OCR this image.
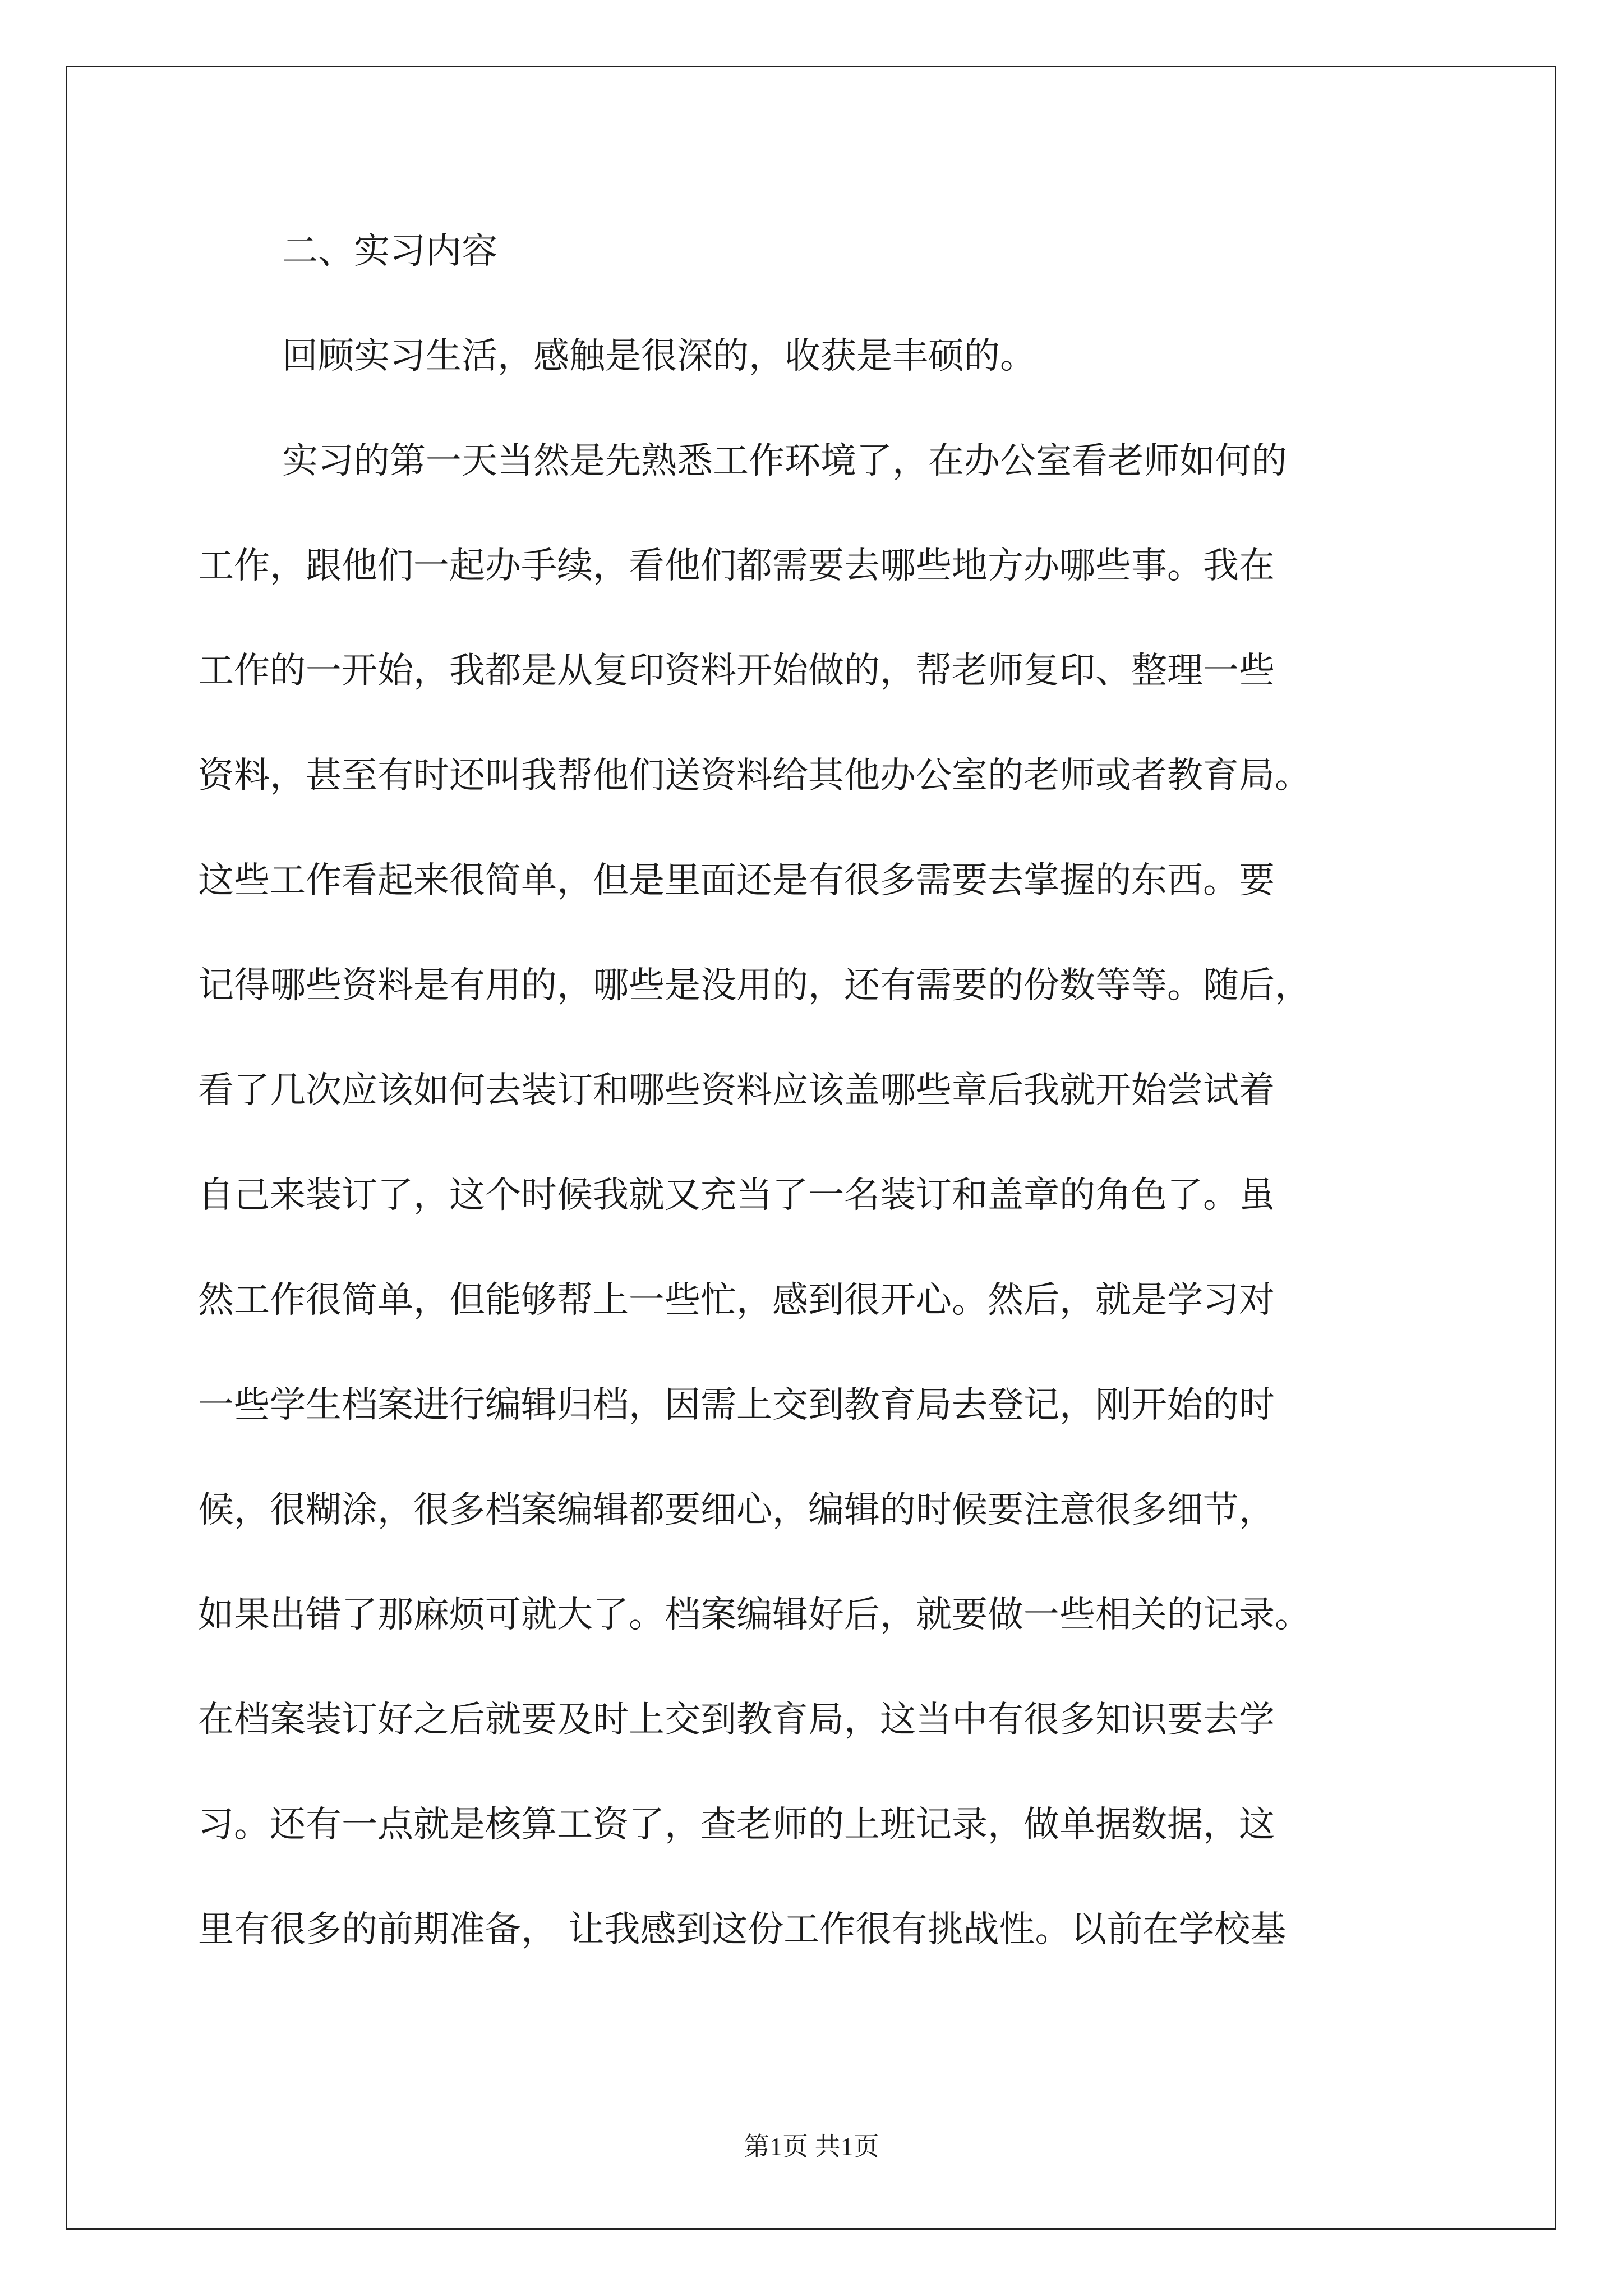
二、实习内容
回顾实习生活，感触是很深的，收获是丰硕的。
实习的第一天当然是先熟悉工作环境了，在办公室看老师如何的
工作，跟他们一起办手续，看他们都需要去哪些地方办哪些事。我在
工作的一开始，我都是从复印资料开始做的，帮老师复印、整理一些
资料，甚至有时还叫我帮他们送资料给其他办公室的老师或者教育局。
这些工作看起来很简单，但是里面还是有很多需要去掌握的东西。要
记得哪些资料是有用的，哪些是没用的，还有需要的份数等等。随后，
看了几次应该如何去装订和哪些资料应该盖哪些章后我就开始尝试着
自己来装订了，这个时候我就又充当了一名装订和盖章的角色了。虽
然工作很简单，但能够帮上一些忙，感到很开心。然后，就是学习对
一些学生档案进行编辑归档，因需上交到教育局去登记，刚开始的时
候，很糊涂，很多档案编辑都要细心，编辑的时候要注意很多细节，
如果出错了那麻烦可就大了。档案编辑好后，就要做一些相关的记录。
在档案装订好之后就要及时上交到教育局，这当中有很多知识要去学
习。还有一点就是核算工资了，查老师的上班记录，做单据数据，这
里有很多的前期准备， 让我感到这份工作很有挑战性。以前在学校基
第1页 共1页
